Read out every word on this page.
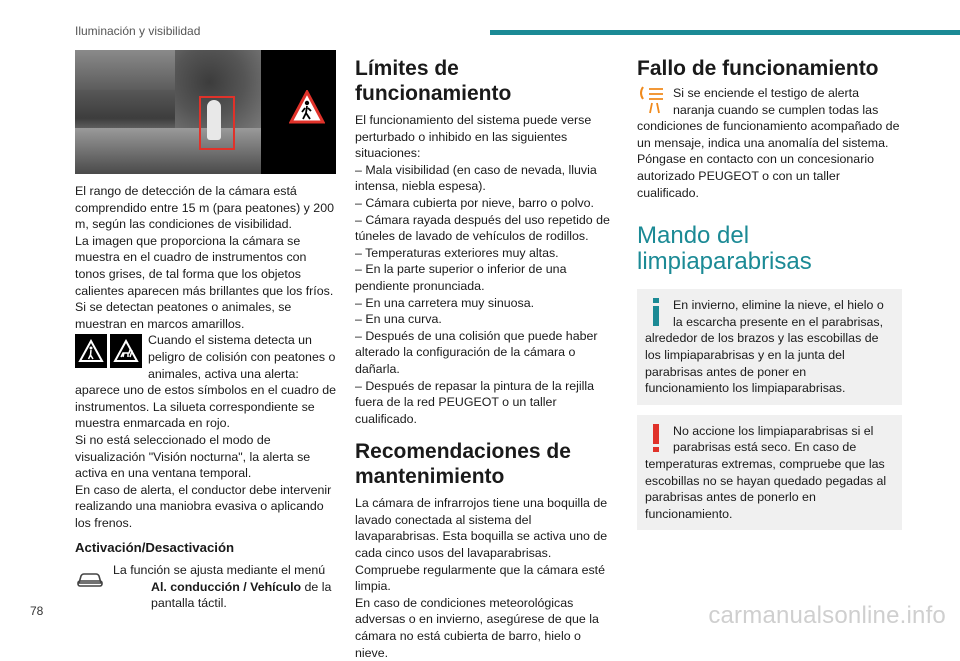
Iluminación y visibilidad

El rango de detección de la cámara está comprendido entre 15 m (para peatones) y 200 m, según las condiciones de visibilidad.

La imagen que proporciona la cámara se muestra en el cuadro de instrumentos con tonos grises, de tal forma que los objetos calientes aparecen más brillantes que los fríos.

Si se detectan peatones o animales, se muestran en marcos amarillos.

Cuando el sistema detecta un peligro de colisión con peatones o animales, activa una alerta: aparece uno de estos símbolos en el cuadro de instrumentos. La silueta correspondiente se muestra enmarcada en rojo.

Si no está seleccionado el modo de visualización "Visión nocturna", la alerta se activa en una ventana temporal.

En caso de alerta, el conductor debe intervenir realizando una maniobra evasiva o aplicando los frenos.

Activación/Desactivación

La función se ajusta mediante el menú Al. conducción / Vehículo de la pantalla táctil.

Límites de funcionamiento

El funcionamiento del sistema puede verse perturbado o inhibido en las siguientes situaciones:

– Mala visibilidad (en caso de nevada, lluvia intensa, niebla espesa).

– Cámara cubierta por nieve, barro o polvo.

– Cámara rayada después del uso repetido de túneles de lavado de vehículos de rodillos.

– Temperaturas exteriores muy altas.

– En la parte superior o inferior de una pendiente pronunciada.

– En una carretera muy sinuosa.

– En una curva.

– Después de una colisión que puede haber alterado la configuración de la cámara o dañarla.

– Después de repasar la pintura de la rejilla fuera de la red PEUGEOT o un taller cualificado.

Recomendaciones de mantenimiento

La cámara de infrarrojos tiene una boquilla de lavado conectada al sistema del lavaparabrisas. Esta boquilla se activa uno de cada cinco usos del lavaparabrisas.

Compruebe regularmente que la cámara esté limpia.

En caso de condiciones meteorológicas adversas o en invierno, asegúrese de que la cámara no está cubierta de barro, hielo o nieve.

Fallo de funcionamiento

Si se enciende el testigo de alerta naranja cuando se cumplen todas las condiciones de funcionamiento acompañado de un mensaje, indica una anomalía del sistema.

Póngase en contacto con un concesionario autorizado PEUGEOT o con un taller cualificado.

Mando del limpiaparabrisas

En invierno, elimine la nieve, el hielo o la escarcha presente en el parabrisas, alrededor de los brazos y las escobillas de los limpiaparabrisas y en la junta del parabrisas antes de poner en funcionamiento los limpiaparabrisas.

No accione los limpiaparabrisas si el parabrisas está seco. En caso de temperaturas extremas, compruebe que las escobillas no se hayan quedado pegadas al parabrisas antes de ponerlo en funcionamiento.

78	carmanualsonline.info
